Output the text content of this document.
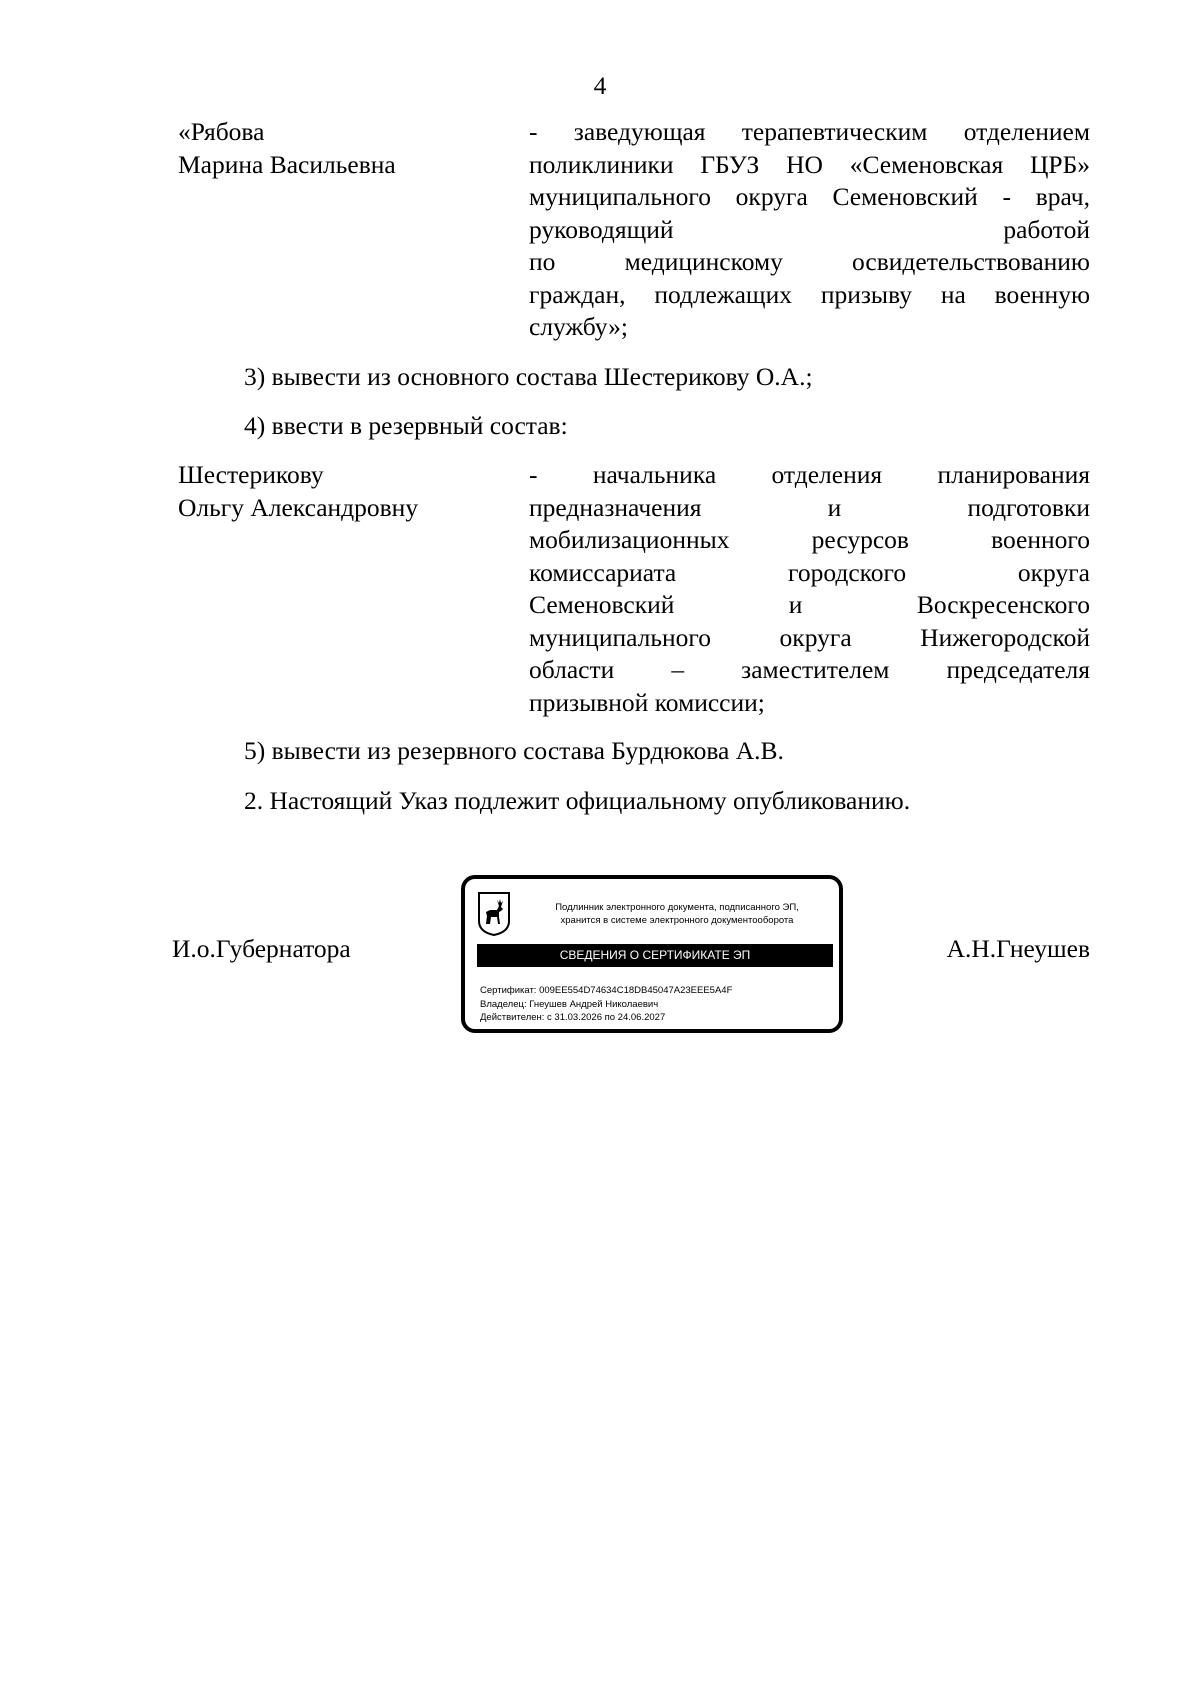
4
«Рябова
Марина Васильевна
- заведующая терапевтическим отделением
поликлиники ГБУЗ НО «Семеновская ЦРБ»
муниципального округа Семеновский - врач,
руководящий работой
по медицинскому освидетельствованию
граждан, подлежащих призыву на военную
службу»;
3) вывести из основного состава Шестерикову О.А.;
4) ввести в резервный состав:
Шестерикову
Ольгу Александровну
- начальника отделения планирования
предназначения и подготовки
мобилизационных ресурсов военного
комиссариата городского округа
Семеновский и Воскресенского
муниципального округа Нижегородской
области – заместителем председателя
призывной комиссии;
5) вывести из резервного состава Бурдюкова А.В.
2. Настоящий Указ подлежит официальному опубликованию.
И.о.Губернатора
Подлинник электронного документа, подписанного ЭП,
хранится в системе электронного документооборота
СВЕДЕНИЯ О СЕРТИФИКАТЕ ЭП
Сертификат: 009EE554D74634C18DB45047A23EEE5A4F
Владелец: Гнеушев Андрей Николаевич
Действителен: с 31.03.2026 по 24.06.2027
А.Н.Гнеушев
